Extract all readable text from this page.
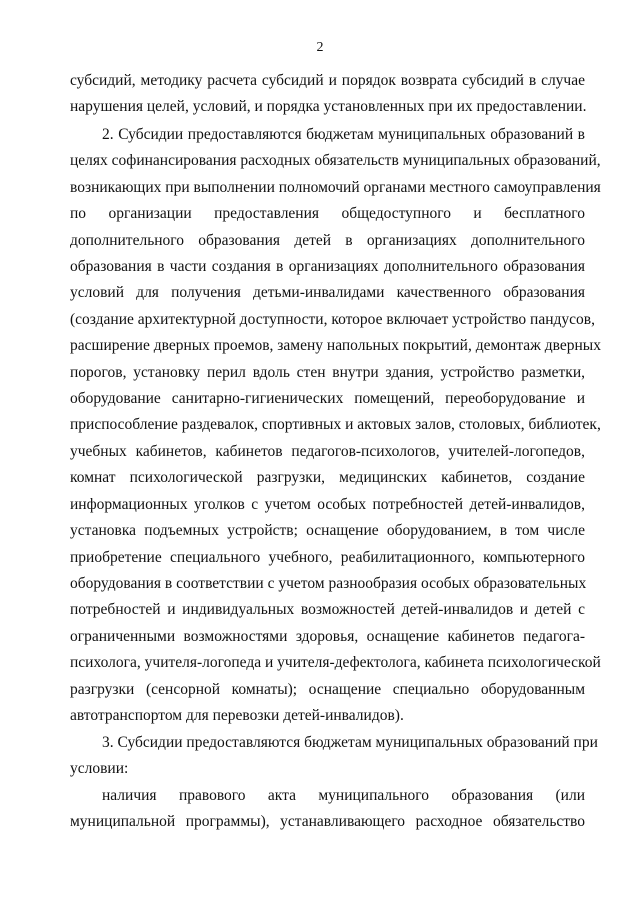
2
субсидий, методику расчета субсидий и порядок возврата субсидий в случае
нарушения целей, условий, и порядка установленных при их предоставлении.
2. Субсидии предоставляются бюджетам муниципальных образований в
целях софинансирования расходных обязательств муниципальных образований,
возникающих при выполнении полномочий органами местного самоуправления
по организации предоставления общедоступного и бесплатного
дополнительного образования детей в организациях дополнительного
образования в части создания в организациях дополнительного образования
условий для получения детьми-инвалидами качественного образования
(создание архитектурной доступности, которое включает устройство пандусов,
расширение дверных проемов, замену напольных покрытий, демонтаж дверных
порогов, установку перил вдоль стен внутри здания, устройство разметки,
оборудование санитарно-гигиенических помещений, переоборудование и
приспособление раздевалок, спортивных и актовых залов, столовых, библиотек,
учебных кабинетов, кабинетов педагогов-психологов, учителей-логопедов,
комнат психологической разгрузки, медицинских кабинетов, создание
информационных уголков с учетом особых потребностей детей-инвалидов,
установка подъемных устройств; оснащение оборудованием, в том числе
приобретение специального учебного, реабилитационного, компьютерного
оборудования в соответствии с учетом разнообразия особых образовательных
потребностей и индивидуальных возможностей детей-инвалидов и детей с
ограниченными возможностями здоровья, оснащение кабинетов педагога-
психолога, учителя-логопеда и учителя-дефектолога, кабинета психологической
разгрузки (сенсорной комнаты); оснащение специально оборудованным
автотранспортом для перевозки детей-инвалидов).
3. Субсидии предоставляются бюджетам муниципальных образований при
условии:
наличия правового акта муниципального образования (или
муниципальной программы), устанавливающего расходное обязательство
